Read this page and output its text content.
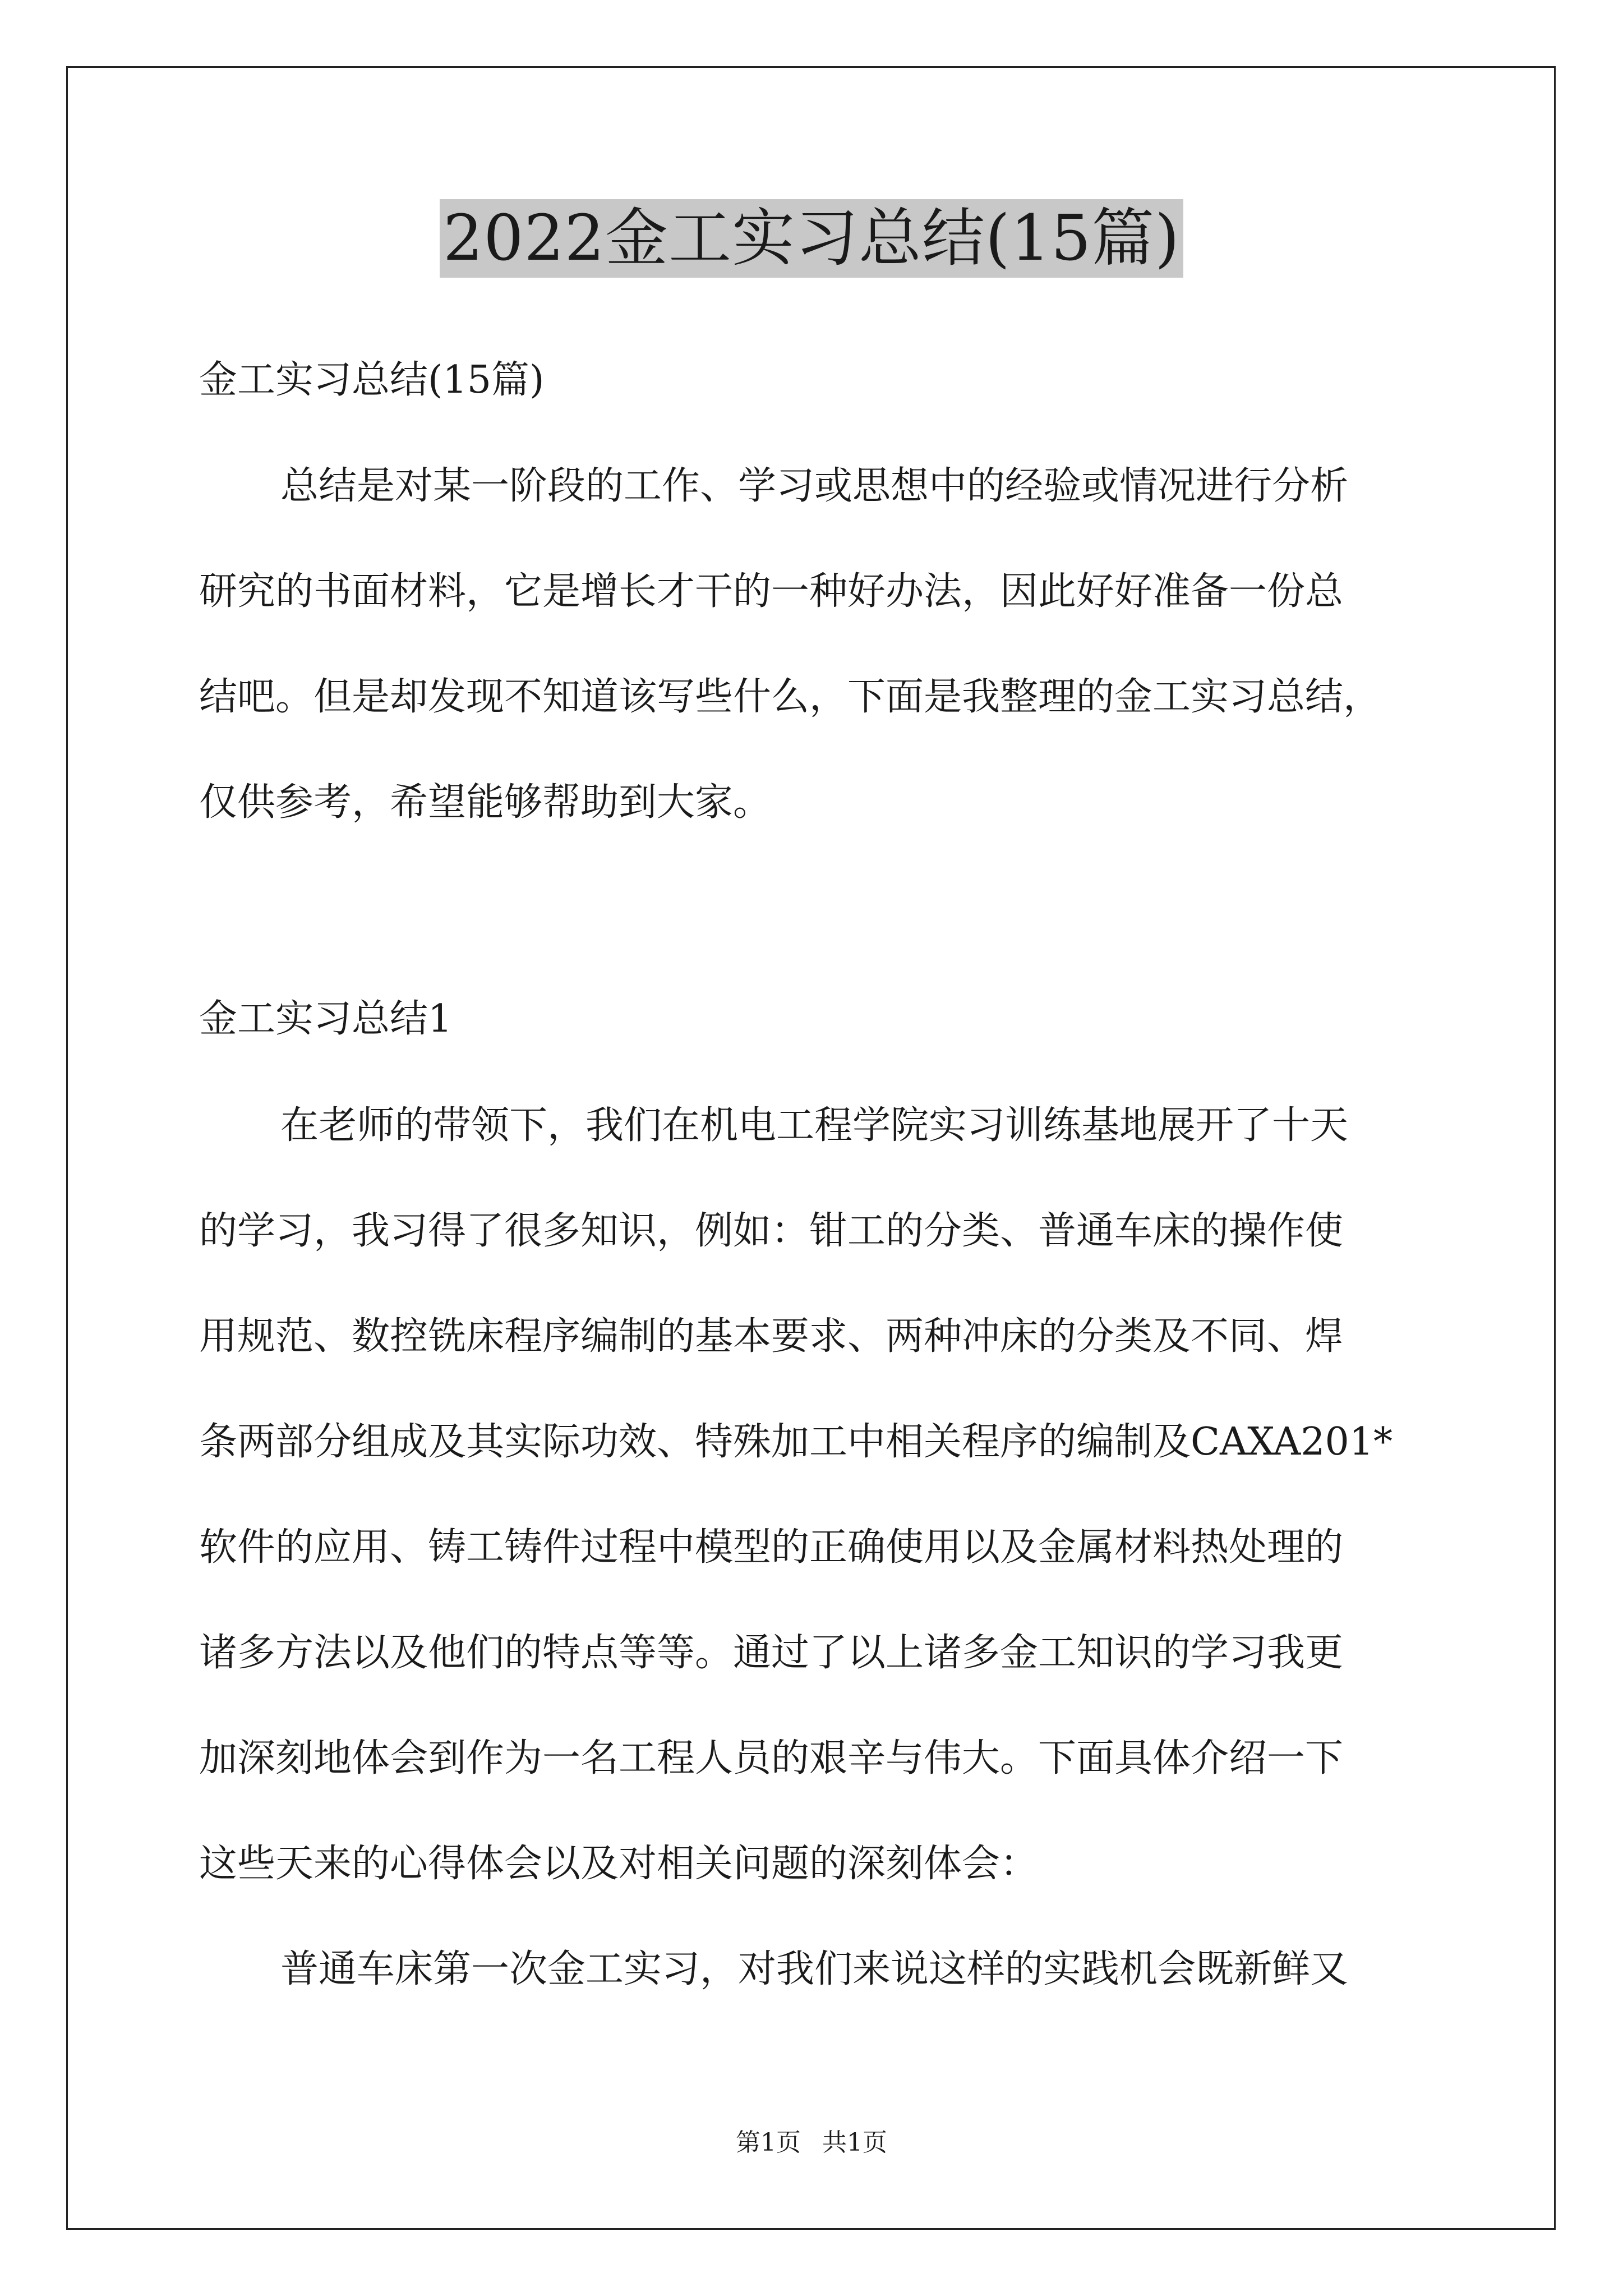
2022金工实习总结(15篇)
金工实习总结(15篇)
总结是对某一阶段的工作、学习或思想中的经验或情况进行分析
研究的书面材料，它是增长才干的一种好办法，因此好好准备一份总
结吧。但是却发现不知道该写些什么，下面是我整理的金工实习总结，
仅供参考，希望能够帮助到大家。
金工实习总结1
在老师的带领下，我们在机电工程学院实习训练基地展开了十天
的学习，我习得了很多知识，例如：钳工的分类、普通车床的操作使
用规范、数控铣床程序编制的基本要求、两种冲床的分类及不同、焊
条两部分组成及其实际功效、特殊加工中相关程序的编制及CAXA201*
软件的应用、铸工铸件过程中模型的正确使用以及金属材料热处理的
诸多方法以及他们的特点等等。通过了以上诸多金工知识的学习我更
加深刻地体会到作为一名工程人员的艰辛与伟大。下面具体介绍一下
这些天来的心得体会以及对相关问题的深刻体会：
普通车床第一次金工实习，对我们来说这样的实践机会既新鲜又
第1页 共1页
